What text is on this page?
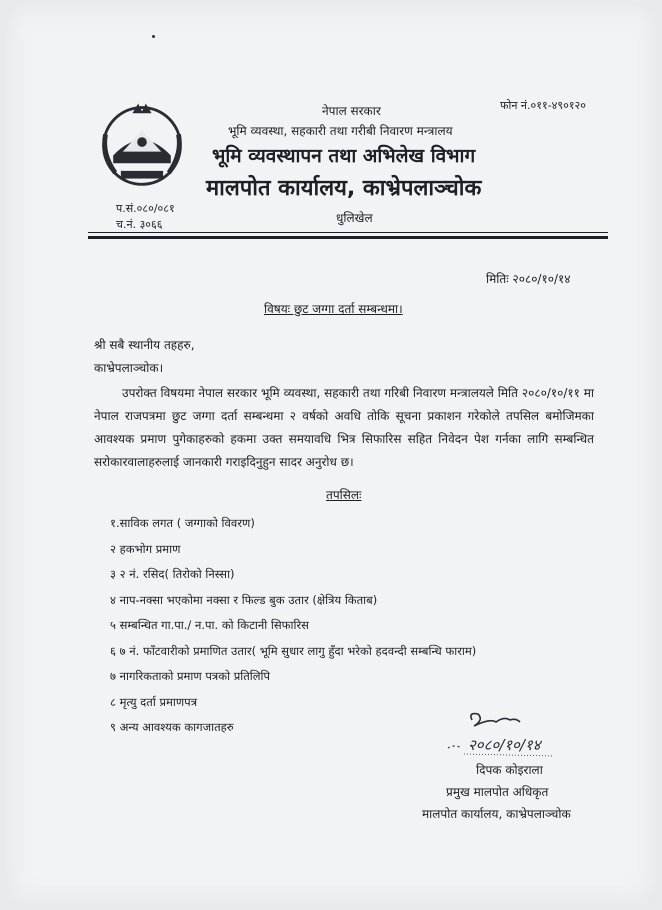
नेपाल सरकार
भूमि व्यवस्था, सहकारी तथा गरीबी निवारण मन्त्रालय
भूमि व्यवस्थापन तथा अभिलेख विभाग
मालपोत कार्यालय, काभ्रेपलाञ्चोक
धुलिखेल
फोन नं.०११-४९०१२०
प.सं.०८०/०८१
च.नं. ३०६६
मितिः २०८०/१०/१४
विषयः छुट जग्गा दर्ता सम्बन्धमा।
श्री सबै स्थानीय तहहरु,
काभ्रेपलाञ्चोक।
उपरोक्त विषयमा नेपाल सरकार भूमि व्यवस्था, सहकारी तथा गरिबी निवारण मन्त्रालयले मिति २०८०/१०/११ मा नेपाल राजपत्रमा छुट जग्गा दर्ता सम्बन्धमा २ वर्षको अवधि तोकि सूचना प्रकाशन गरेकोले तपसिल बमोजिमका आवश्यक प्रमाण पुगेकाहरुको हकमा उक्त समयावधि भित्र सिफारिस सहित निवेदन पेश गर्नका लागि सम्बन्धित सरोकारवालाहरुलाई जानकारी गराइदिनुहुन सादर अनुरोध छ।
तपसिलः
१.साविक लगत ( जग्गाको विवरण)
२ हकभोग प्रमाण
३ २ नं. रसिद( तिरोको निस्सा)
४ नाप-नक्सा भएकोमा नक्सा र फिल्ड बुक उतार (क्षेत्रिय किताब)
५ सम्बन्धित गा.पा./ न.पा. को किटानी सिफारिस
६ ७ नं. फाँटवारीको प्रमाणित उतार( भूमि सुधार लागु हुँदा भरेको हदवन्दी सम्बन्धि फाराम)
७ नागरिकताको प्रमाण पत्रको प्रतिलिपि
८ मृत्यु दर्ता प्रमाणपत्र
९ अन्य आवश्यक कागजातहरु
२०८०/१०/१४
दिपक कोइराला
प्रमुख मालपोत अधिकृत
मालपोत कार्यालय, काभ्रेपलाञ्चोक
